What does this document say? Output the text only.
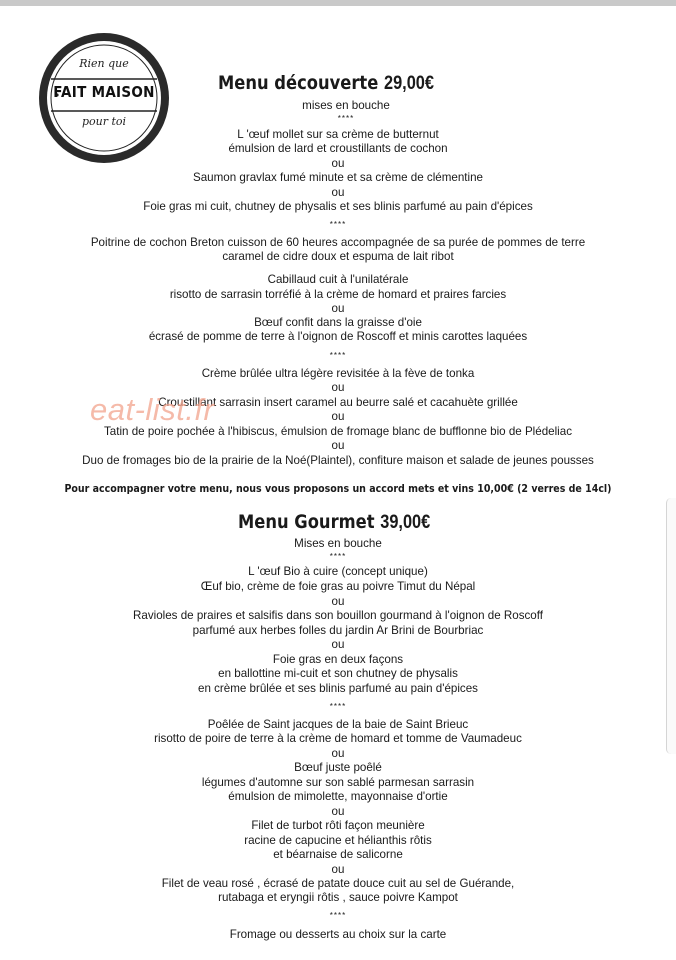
Rien que
FAIT MAISON
pour toi
Menu découverte 29,00€
mises en bouche
****
L 'œuf mollet sur sa crème de butternut
émulsion de lard et croustillants de cochon
ou
Saumon gravlax fumé minute et sa crème de clémentine
ou
Foie gras mi cuit, chutney de physalis et ses blinis parfumé au pain d'épices
****
Poitrine de cochon Breton cuisson de 60 heures accompagnée de sa purée de pommes de terre
caramel de cidre doux et espuma de lait ribot
Cabillaud cuit à l'unilatérale
risotto de sarrasin torréfié à la crème de homard et praires farcies
ou
Bœuf confit dans la graisse d'oie
écrasé de pomme de terre à l'oignon de Roscoff et minis carottes laquées
****
Crème brûlée ultra légère revisitée à la fève de tonka
ou
Croustillant sarrasin insert caramel au beurre salé et cacahuète grillée
ou
Tatin de poire pochée à l'hibiscus, émulsion de fromage blanc de bufflonne bio de Plédeliac
ou
Duo de fromages bio de la prairie de la Noé(Plaintel), confiture maison et salade de jeunes pousses
Pour accompagner votre menu, nous vous proposons un accord mets et vins 10,00€ (2 verres de 14cl)
Menu Gourmet 39,00€
Mises en bouche
****
L 'œuf Bio à cuire (concept unique)
Œuf bio, crème de foie gras au poivre Timut du Népal
ou
Ravioles de praires et salsifis dans son bouillon gourmand à l'oignon de Roscoff
parfumé aux herbes folles du jardin Ar Brini de Bourbriac
ou
Foie gras en deux façons
en ballottine mi-cuit et son chutney de physalis
en crème brûlée et ses blinis parfumé au pain d'épices
****
Poêlée de Saint jacques de la baie de Saint Brieuc
risotto de poire de terre à la crème de homard et tomme de Vaumadeuc
ou
Bœuf juste poêlé
légumes d'automne sur son sablé parmesan sarrasin
émulsion de mimolette, mayonnaise d'ortie
ou
Filet de turbot rôti façon meunière
racine de capucine et hélianthis rôtis
et béarnaise de salicorne
ou
Filet de veau rosé , écrasé de patate douce cuit au sel de Guérande,
rutabaga et eryngii rôtis , sauce poivre Kampot
****
Fromage ou desserts au choix sur la carte
eat-list.fr
